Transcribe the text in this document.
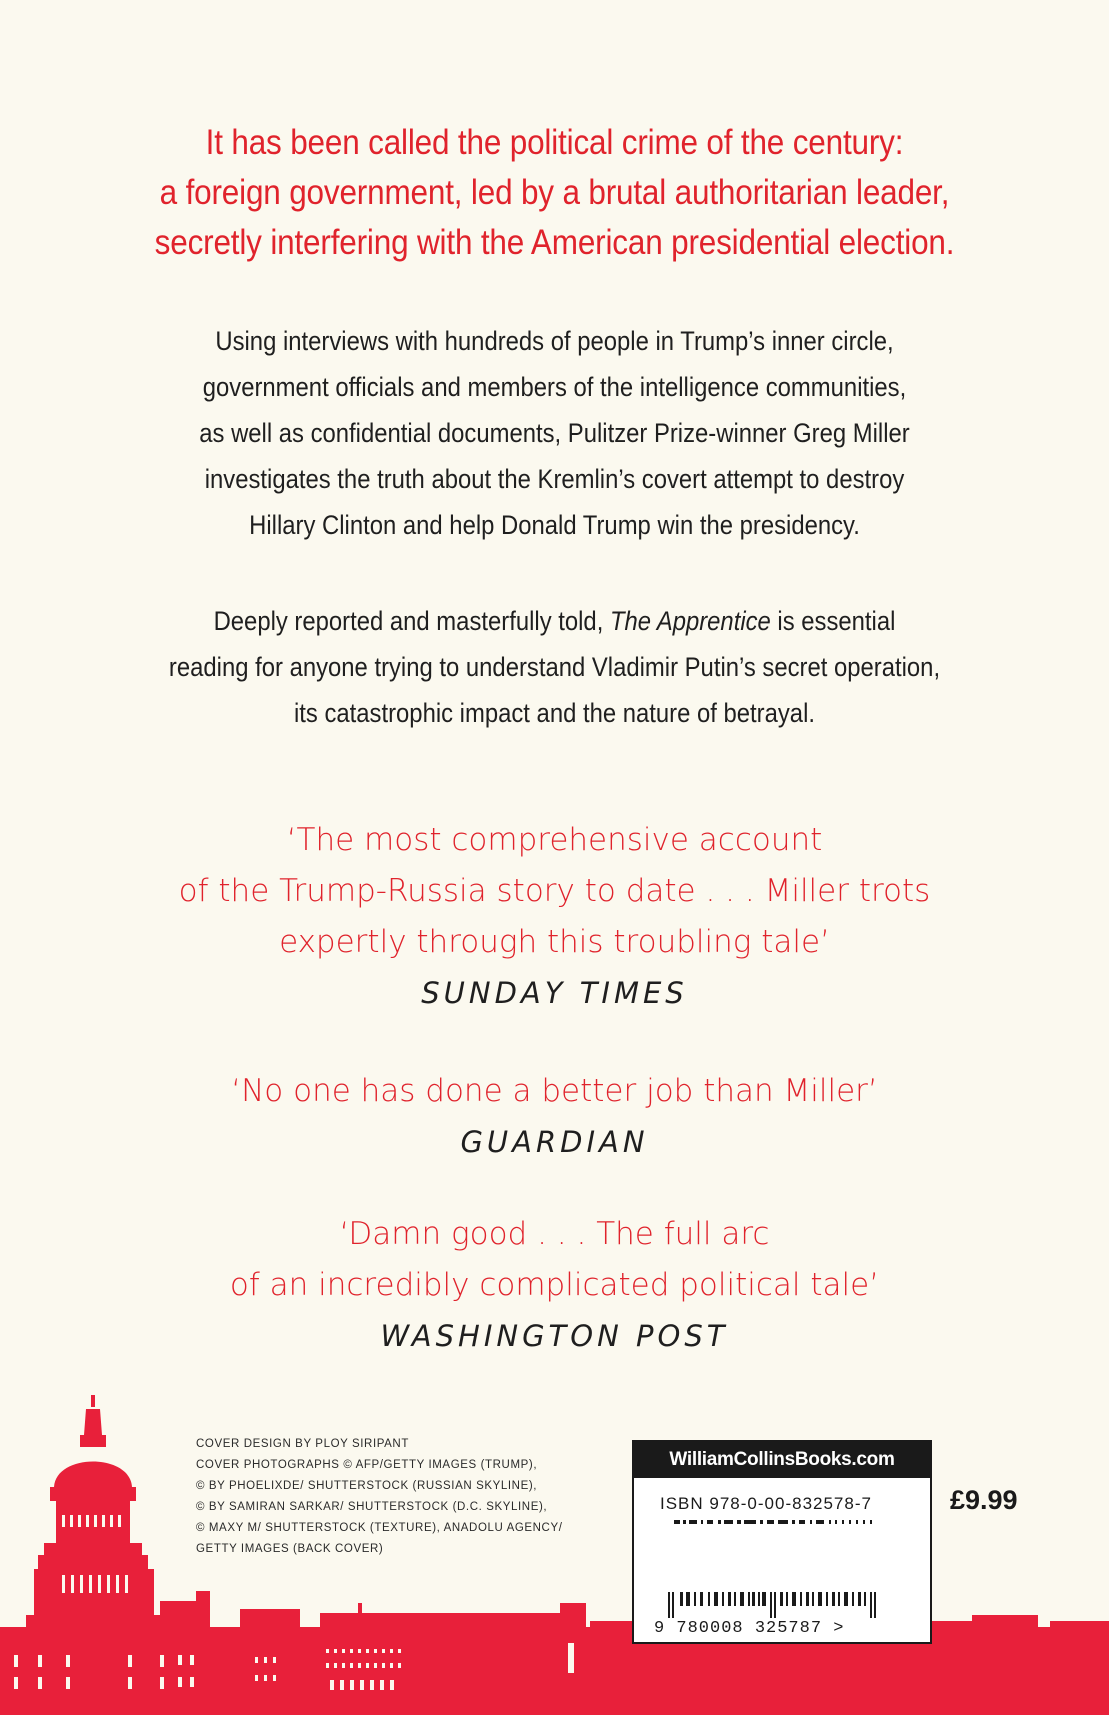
It has been called the political crime of the century:
a foreign government, led by a brutal authoritarian leader,
secretly interfering with the American presidential election.
Using interviews with hundreds of people in Trump’s inner circle,
government officials and members of the intelligence communities,
as well as confidential documents, Pulitzer Prize-winner Greg Miller
investigates the truth about the Kremlin’s covert attempt to destroy
Hillary Clinton and help Donald Trump win the presidency.
Deeply reported and masterfully told, The Apprentice is essential
reading for anyone trying to understand Vladimir Putin’s secret operation,
its catastrophic impact and the nature of betrayal.
‘The most comprehensive account
of the Trump-Russia story to date . . . Miller trots
expertly through this troubling tale’
SUNDAY TIMES
‘No one has done a better job than Miller’
GUARDIAN
‘Damn good . . . The full arc
of an incredibly complicated political tale’
WASHINGTON POST
COVER DESIGN BY PLOY SIRIPANT
COVER PHOTOGRAPHS © AFP/GETTY IMAGES (TRUMP),
© BY PHOELIXDE/ SHUTTERSTOCK (RUSSIAN SKYLINE),
© BY SAMIRAN SARKAR/ SHUTTERSTOCK (D.C. SKYLINE),
© MAXY M/ SHUTTERSTOCK (TEXTURE), ANADOLU AGENCY/
GETTY IMAGES (BACK COVER)
WilliamCollinsBooks.com
ISBN 978-0-00-832578-7
9 780008 325787 >
£9.99
